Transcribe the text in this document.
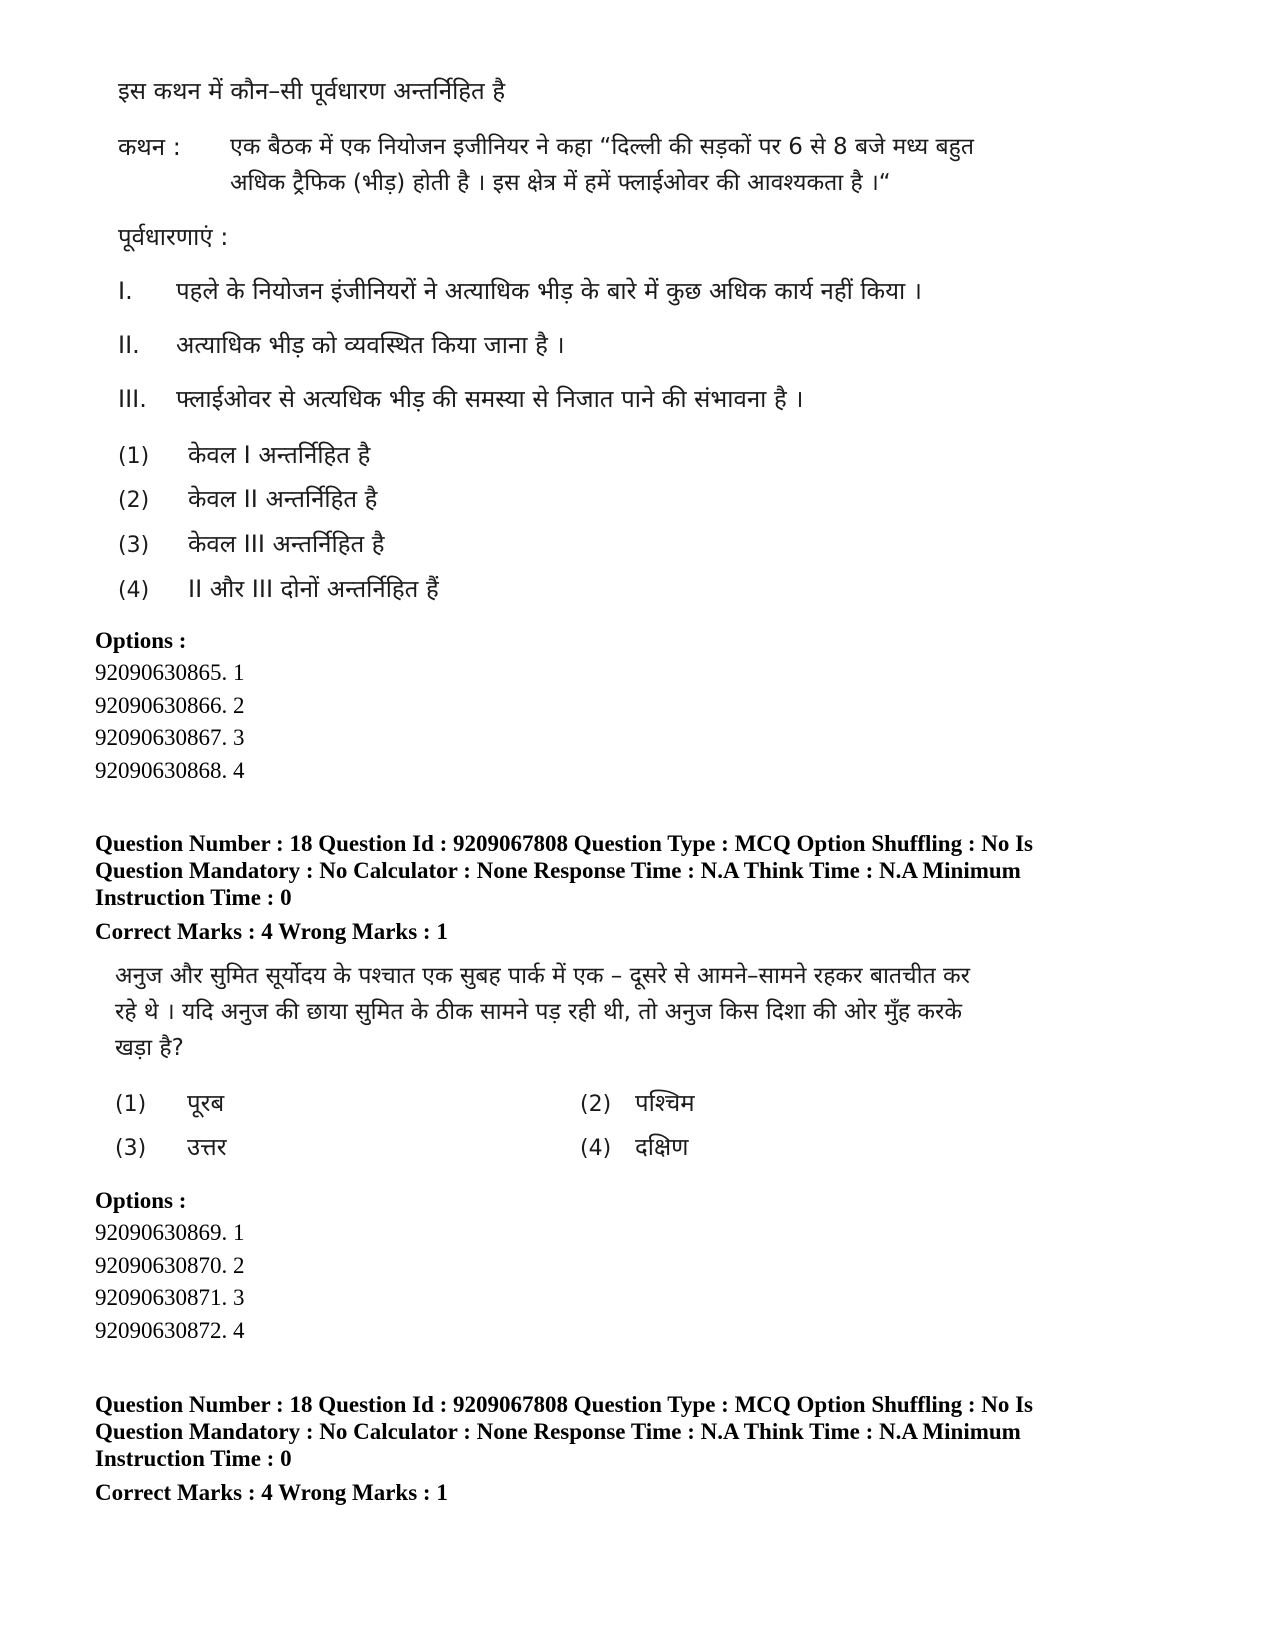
इस कथन में कौन–सी पूर्वधारण अन्तर्निहित है
कथन : एक बैठक में एक नियोजन इजीनियर ने कहा “दिल्ली की सड़कों पर 6 से 8 बजे मध्य बहुत
अधिक ट्रैफिक (भीड़) होती है । इस क्षेत्र में हमें फ्लाईओवर की आवश्यकता है ।“
पूर्वधारणाएं :
I.	पहले के नियोजन इंजीनियरों ने अत्याधिक भीड़ के बारे में कुछ अधिक कार्य नहीं किया ।
II.	अत्याधिक भीड़ को व्यवस्थित किया जाना है ।
III.	फ्लाईओवर से अत्यधिक भीड़ की समस्या से निजात पाने की संभावना है ।
(1)	केवल I अन्तर्निहित है
(2)	केवल II अन्तर्निहित है
(3)	केवल III अन्तर्निहित है
(4)	II और III दोनों अन्तर्निहित हैं
Options :
92090630865. 1
92090630866. 2
92090630867. 3
92090630868. 4
Question Number : 18 Question Id : 9209067808 Question Type : MCQ Option Shuffling : No Is
Question Mandatory : No Calculator : None Response Time : N.A Think Time : N.A Minimum
Instruction Time : 0
Correct Marks : 4 Wrong Marks : 1
अनुज और सुमित सूर्योदय के पश्चात एक सुबह पार्क में एक – दूसरे से आमने–सामने रहकर बातचीत कर
रहे थे । यदि अनुज की छाया सुमित के ठीक सामने पड़ रही थी, तो अनुज किस दिशा की ओर मुँह करके
खड़ा है?
(1)	पूरब	(2) पश्चिम
(3)	उत्तर	(4) दक्षिण
Options :
92090630869. 1
92090630870. 2
92090630871. 3
92090630872. 4
Question Number : 18 Question Id : 9209067808 Question Type : MCQ Option Shuffling : No Is
Question Mandatory : No Calculator : None Response Time : N.A Think Time : N.A Minimum
Instruction Time : 0
Correct Marks : 4 Wrong Marks : 1
